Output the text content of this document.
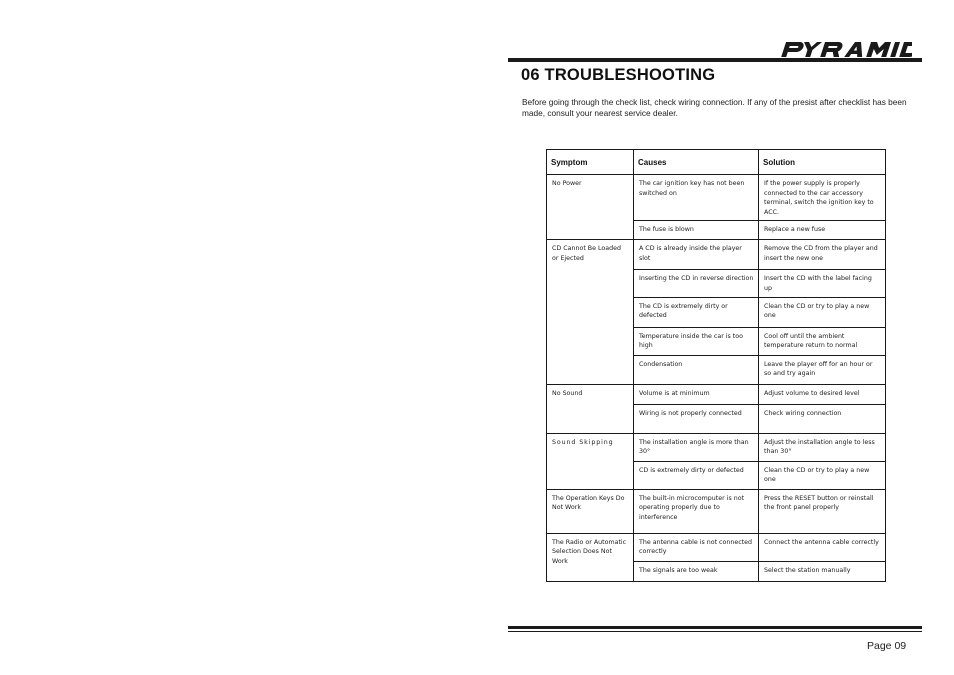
06 TROUBLESHOOTING

Before going through the check list, check wiring connection. If any of the presist after checklist has been made, consult your nearest service dealer.

Symptom	Causes	Solution
No Power	The car ignition key has not been switched on	If the power supply is properly connected to the car accessory terminal, switch the ignition key to ACC.
	The fuse is blown	Replace a new fuse
CD Cannot Be Loaded or Ejected	A CD is already inside the player slot	Remove the CD from the player and insert the new one
	Inserting the CD in reverse direction	Insert the CD with the label facing up
	The CD is extremely dirty or defected	Clean the CD or try to play a new one
	Temperature inside the car is too high	Cool off until the ambient temperature return to normal
	Condensation	Leave the player off for an hour or so and try again
No Sound	Volume is at minimum	Adjust volume to desired level
	Wiring is not properly connected	Check wiring connection
Sound Skipping	The installation angle is more than 30°	Adjust the installation angle to less than 30°
	CD is extremely dirty or defected	Clean the CD or try to play a new one
The Operation Keys Do Not Work	The built-in microcomputer is not operating properly due to interference	Press the RESET button or reinstall the front panel properly
The Radio or Automatic Selection Does Not Work	The antenna cable is not connected correctly	Connect the antenna cable correctly
	The signals are too weak	Select the station manually
Page 09
